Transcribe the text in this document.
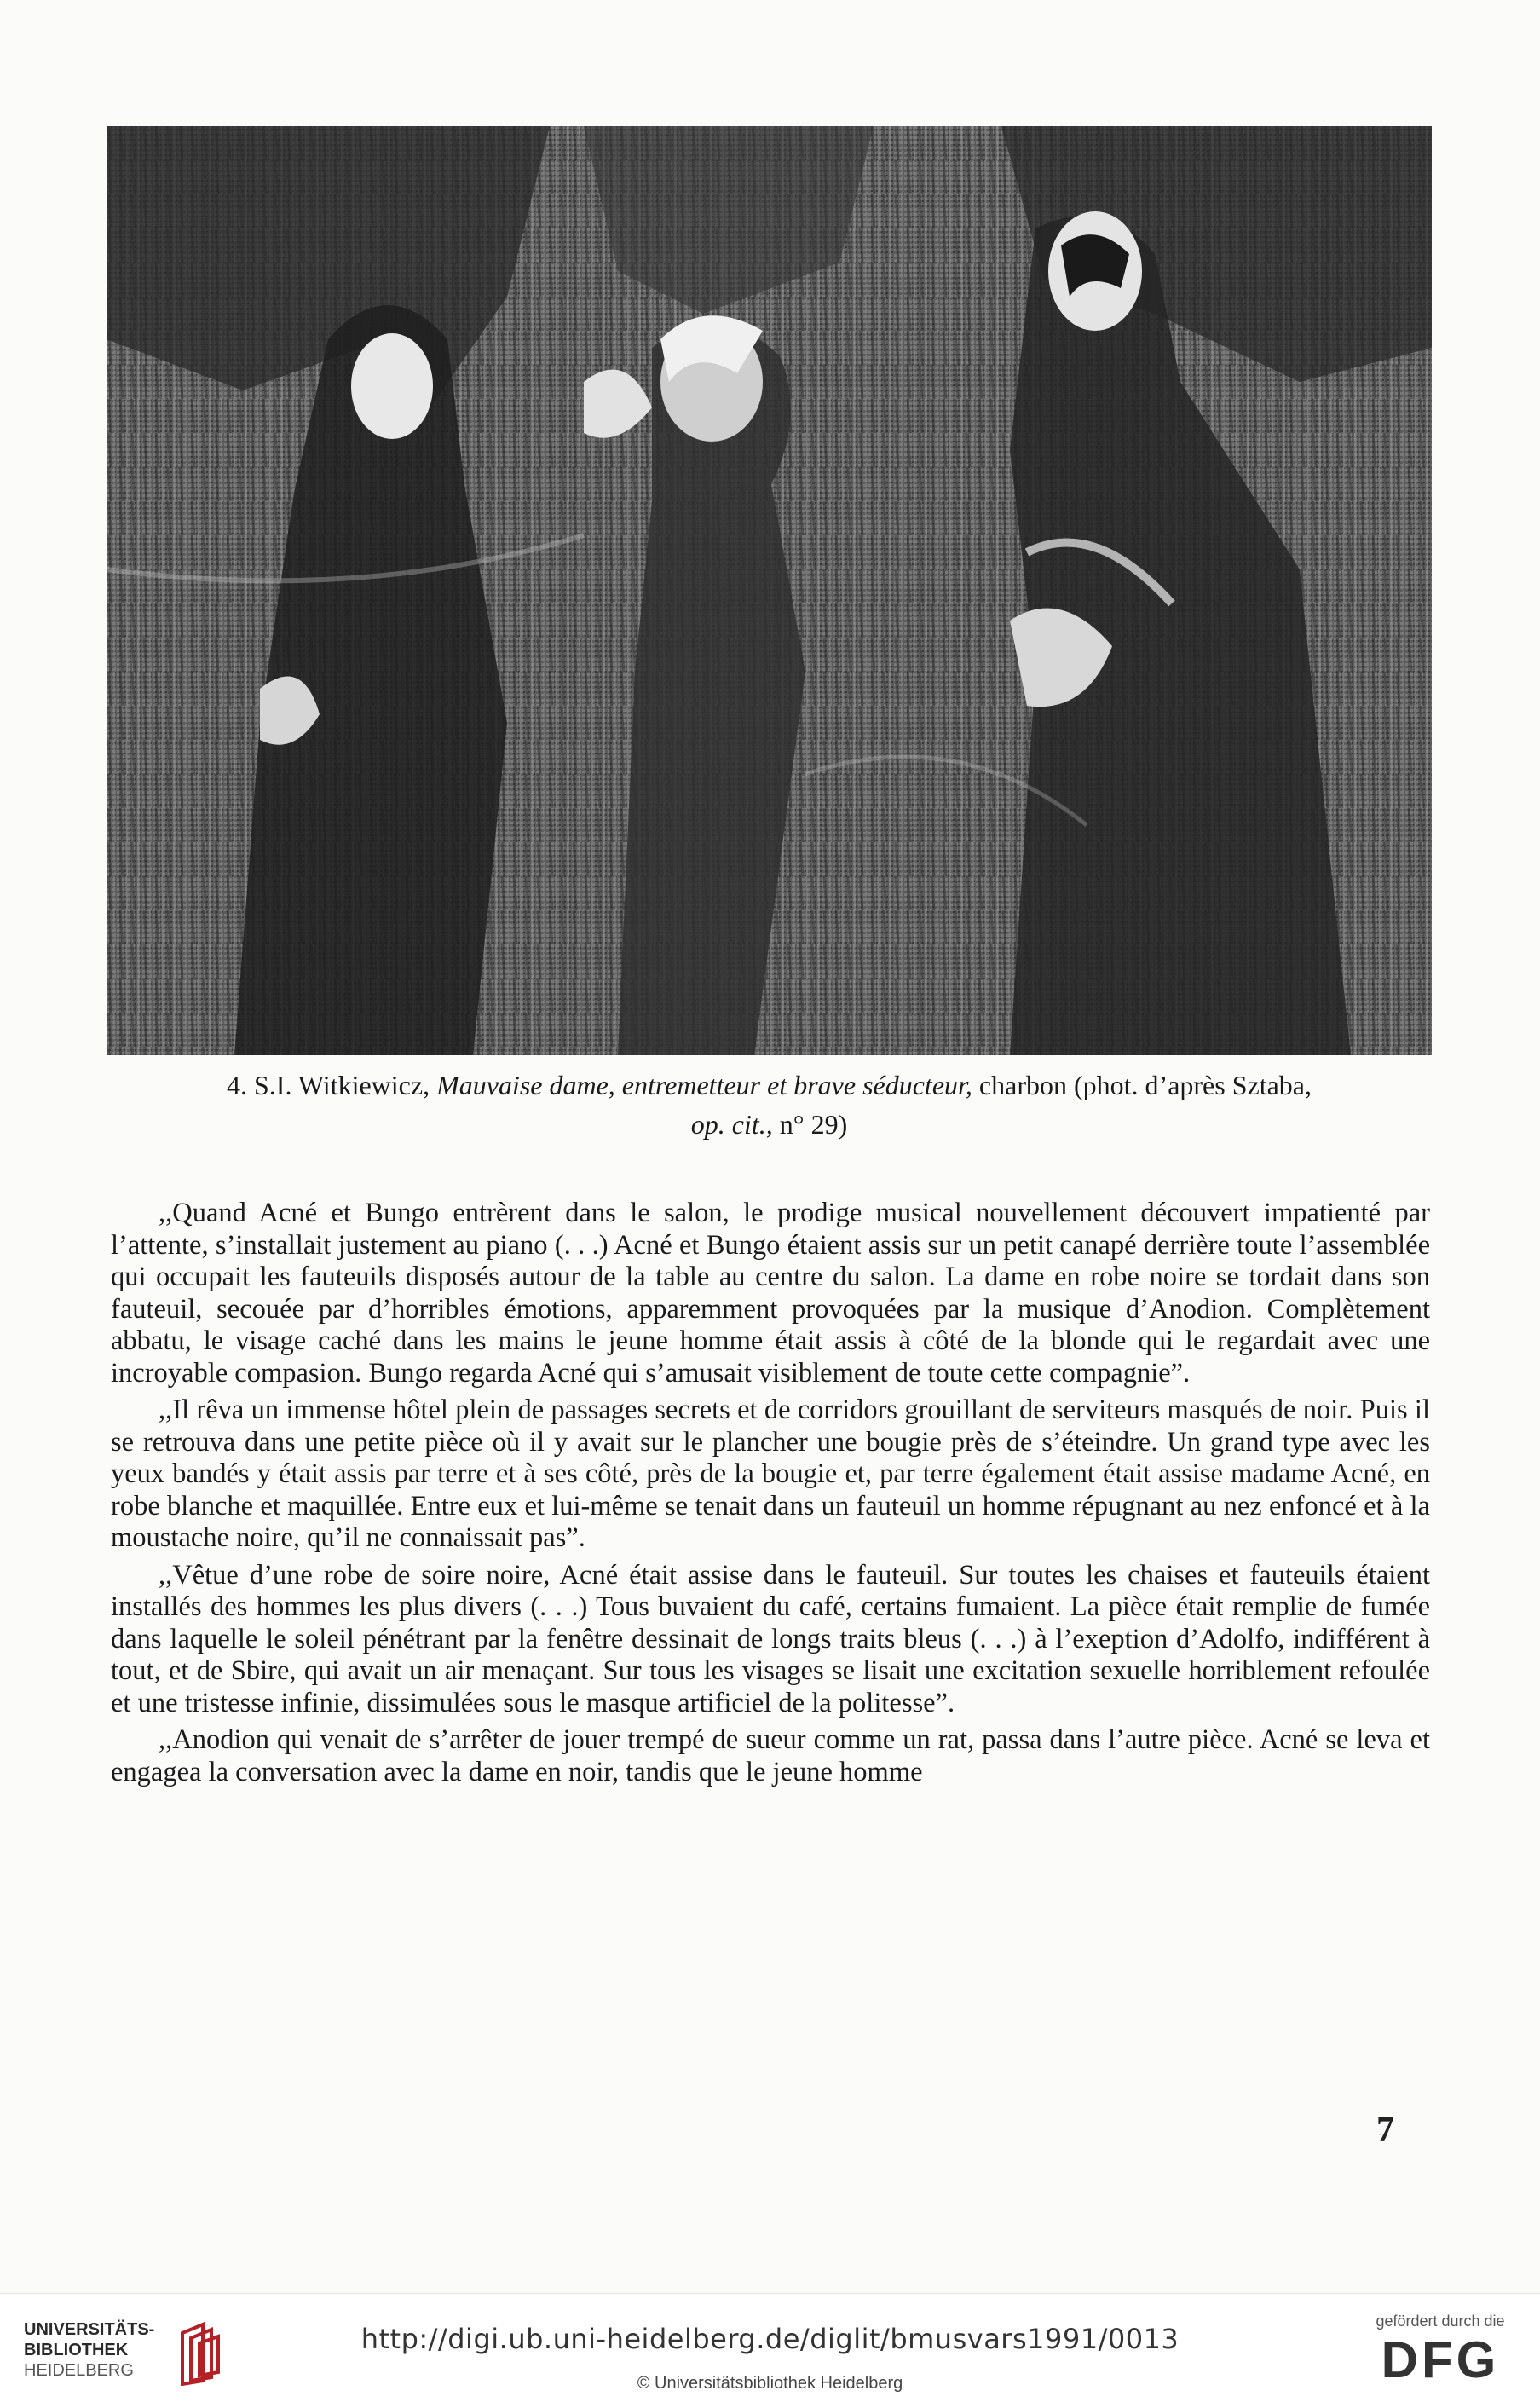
4. S.I. Witkiewicz, Mauvaise dame, entremetteur et brave séducteur, charbon (phot. d’après Sztaba,
op. cit., n° 29)

,,Quand Acné et Bungo entrèrent dans le salon, le prodige musical nouvellement découvert impatienté par l’attente, s’installait justement au piano (. . .) Acné et Bungo étaient assis sur un petit canapé derrière toute l’assemblée qui occupait les fauteuils disposés autour de la table au centre du salon. La dame en robe noire se tordait dans son fauteuil, secouée par d’horribles émotions, apparemment provoquées par la musique d’Anodion. Complètement abbatu, le visage caché dans les mains le jeune homme était assis à côté de la blonde qui le regardait avec une incroyable compasion. Bungo regarda Acné qui s’amusait visiblement de toute cette compagnie”.

,,Il rêva un immense hôtel plein de passages secrets et de corridors grouillant de serviteurs masqués de noir. Puis il se retrouva dans une petite pièce où il y avait sur le plancher une bougie près de s’éteindre. Un grand type avec les yeux bandés y était assis par terre et à ses côté, près de la bougie et, par terre également était assise madame Acné, en robe blanche et maquillée. Entre eux et lui-même se tenait dans un fauteuil un homme répugnant au nez enfoncé et à la moustache noire, qu’il ne connaissait pas”.

,,Vêtue d’une robe de soire noire, Acné était assise dans le fauteuil. Sur toutes les chaises et fauteuils étaient installés des hommes les plus divers (. . .) Tous buvaient du café, certains fumaient. La pièce était remplie de fumée dans laquelle le soleil pénétrant par la fenêtre dessinait de longs traits bleus (. . .) à l’exeption d’Adolfo, indifférent à tout, et de Sbire, qui avait un air menaçant. Sur tous les visages se lisait une excitation sexuelle horriblement refoulée et une tristesse infinie, dissimulées sous le masque artificiel de la politesse”.

,,Anodion qui venait de s’arrêter de jouer trempé de sueur comme un rat, passa dans l’autre pièce. Acné se leva et engagea la conversation avec la dame en noir, tandis que le jeune homme

7
UNIVERSITÄTS-
BIBLIOTHEK
HEIDELBERG
http://digi.ub.uni-heidelberg.de/diglit/bmusvars1991/0013
© Universitätsbibliothek Heidelberg
gefördert durch die
DFG
